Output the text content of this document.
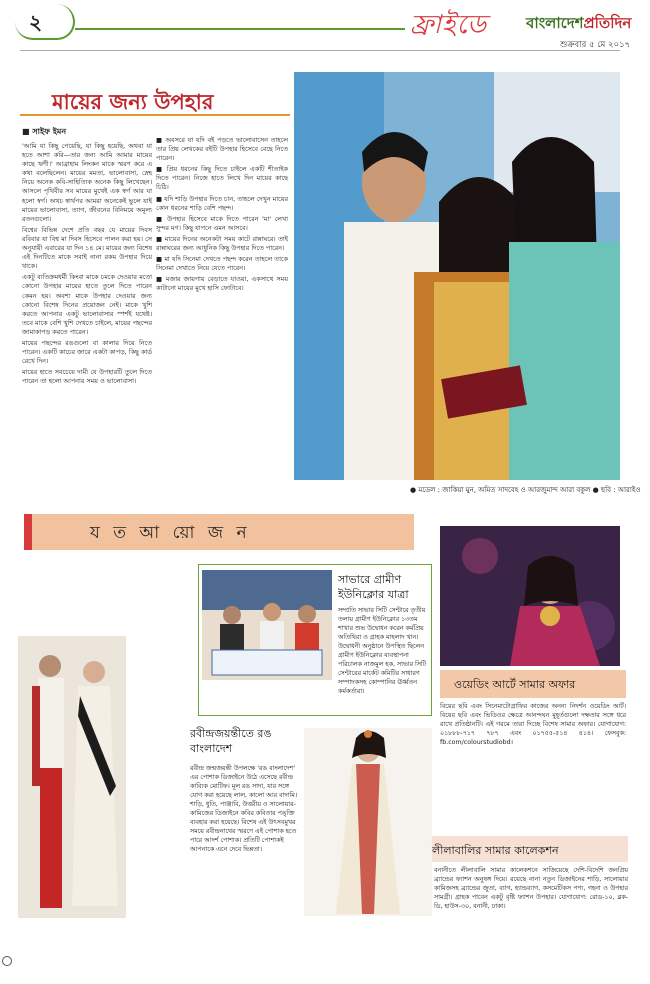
২	ফ্রাইডে	বাংলাদেশপ্রতিদিন
শুক্রবার ৫ মে ২০১৭
মায়ের জন্য উপহার
■ সাইফ ইমন

'আমি যা কিছু পেয়েছি, যা কিছু হয়েছি, অথবা যা হতে আশা করি—তার জন্য আমি আমার মায়ের কাছে ঋণী।' আব্রাহাম লিংকন মাকে স্মরণ করে এ কথা বলেছিলেন। মায়ের মমতা, ভালোবাসা, স্নেহ নিয়ে অনেক কবি-সাহিত্যিক অনেক কিছু লিখেছেন। আসলে পৃথিবীর সব মায়ের মুখেই এক স্বর্গ আর যা হলো স্বর্গ। অথচ স্বার্থপর আমরা অনেকেই ভুলে যাই মায়ের ভালোবাসা, ত্যাগ, জীবনের বিনিময়ে অমূল্য রতনগুলো।

বিশ্বের বিভিন্ন দেশে প্রতি বছর যে মায়ের দিবস রবিবার যা বিশ্ব মা দিবস হিসেবে পালন করা হয়। সে অনুযায়ী এবারের যা দিন ১৪ মে। মায়ের জন্য বিশেষ এই দিনটিতে মাকে সবাই নানা রকম উপহার দিয়ে থাকে।

একটু ব্যতিক্রমধর্মী কিংবা মাকে চমকে দেওয়ার মতো কোনো উপহার মায়ের হাতে তুলে দিতে পারেন কেমন হয়। অবশ্য মাকে উপহার দেওয়ার জন্য কোনো বিশেষ দিনের প্রয়োজন নেই। মাকে খুশি করতে আপনার একটু ভালোবাসার স্পর্শই যথেষ্ট। তবে মাকে বেশি খুশি দেখতে চাইলে, মায়ের পছন্দের জামাকাপড় করতে পারেন।

মায়ের পছন্দের রঙগুলো বা কালার দিয়ে নিতে পারেন। একটি কাচের জারে একটা কাপড়, কিছু কার্ড রেখে দিন।

মায়ের হাতে সবচেয়ে দামী যে উপহারটি তুলে দিতে পারেন তা হলো আপনার সময় ও ভালোবাসা।

■ অবসরে যা যদি বই পড়তে ভালোবাসেন তাহলে তার প্রিয় লেখকের বইটি উপহার হিসেবে বেছে নিতে পারেন।

■ প্রিয় ধরনের কিছু দিতে চাইলে একটি শীতাইক দিতে পারেন। নিজে হাতে লিখে দিন মায়ের কাছে চিঠি।

■ যদি শাড়ি উপহার দিতে চান, তাহলে দেখুন মায়ের কোন ধরনের শাড়ি বেশি পছন্দ।

■ উপহার হিসেবে মাকে দিতে পারেন 'মা' লেখা সুন্দর মগ। কিছু যাপনে এমন আসবে।

■ মায়ের দিনের অনেকটা সময় কাটে রান্নাঘরে। তাই রান্নাঘরের জন্য আধুনিক কিছু উপহার দিতে পারেন।

■ মা যদি সিনেমা দেখতে পছন্দ করেন তাহলে তাকে সিনেমা দেখাতে নিয়ে যেতে পারেন।

■ মজার জায়গায় বেড়াতে যাওয়া, একসাথে সময় কাটানো মায়ের মুখে হাসি ফোটাবে।

● মডেল : জাকিয়া মুন, অমিত সাদবেহ ও আরজুমান্দ আরা বকুল ● ছবি : আরাইও
য ত আ য়ো জ ন
সাভারে গ্রামীণ ইউনিক্লোর যাত্রা
সম্প্রতি সাভার সিটি সেন্টারে তৃতীয় তলায় গ্রামীণ ইউনিক্লোর ১৩তম শাখার শুভ উদ্বোধন করেন কর্মপ্রিয় অতিথিরা ও গ্রাহক মাহলাদ খান। উদ্বোধনী অনুষ্ঠানে উপস্থিত ছিলেন গ্রামীণ ইউনিক্লোর ব্যবস্থাপনা পরিচালক নাজমুল হক, সাভার সিটি সেন্টারের মার্কেট কমিটির সাধারণ সম্পাদকসহ কোম্পানির ঊর্ধ্বতন কর্মকর্তারা।
রবীন্দ্রজয়ন্তীতে রঙ বাংলাদেশ
রবীন্দ্র জন্মজয়ন্তী উপলক্ষে 'রঙ বাংলাদেশ' এর পোশাক ডিজাইনে উঠে এসেছে রবীন্দ্র কাব্যিক মোটিফ। মূল রঙ সাদা, যার সঙ্গে যোগ করা হয়েছে লাল, কালো আর বাদামি। শাড়ি, ধুতি, পাঞ্জাবি, উত্তরীয় ও সালোয়ার-কামিজের ডিজাইনে কবির কবিতার পঙ্‌ক্তি ব্যবহার করা হয়েছে। বিশেষ এই উৎসবমুখর সময়ে রবীন্দ্রনাথের স্মরণে এই পোশাক হতে পারে আদর্শ পোশাক। প্রতিটি পোশাকই আপনাকে এনে দেবে ভিন্নতা।
ওয়েডিং আর্টে সামার অফার
বিয়ের ছবি এবং সিনেমাটোগ্রাফির কাজের অনন্য নিদর্শন ওয়েডিং আর্ট। বিয়ের ছবি এবং ভিডিওর ক্ষেত্রে আনন্দঘন মুহূর্তগুলো দক্ষতার সঙ্গে ধরে রাখে প্রতিষ্ঠানটি। এই গরমে তারা দিচ্ছে বিশেষ সামার অফার। যোগাযোগ: ০১৮৮৮-৭১৭ ৭৮৭ এবং ০১৭৫৫-৫১৪ ৪১৪। ফেসবুক: fb.com/colourstudiobd।
লীলাবালির সামার কালেকশন
বনানীতে লীলাবালি সামার কালেকশনে সাজিয়েছে দেশি-বিদেশি জনপ্রিয় ব্র্যান্ডের ফ্যাশন অনুষঙ্গ দিয়ে। রয়েছে নানা নতুন ডিজাইনের শাড়ি, সালোয়ার কামিজসহ ব্র্যান্ডের জুতা, ব্যাগ, হ্যান্ডব্যাগ, কসমেটিকস পণ্য, গহনা ও উপহার সামগ্রী। গ্রাহক পাবেন একটু বৃষ্টি ফ্যাশন উপহার। যোগাযোগ: রোড-১০, ব্লক-ডি, হাউস-৩০, বনানী, ঢাকা।
